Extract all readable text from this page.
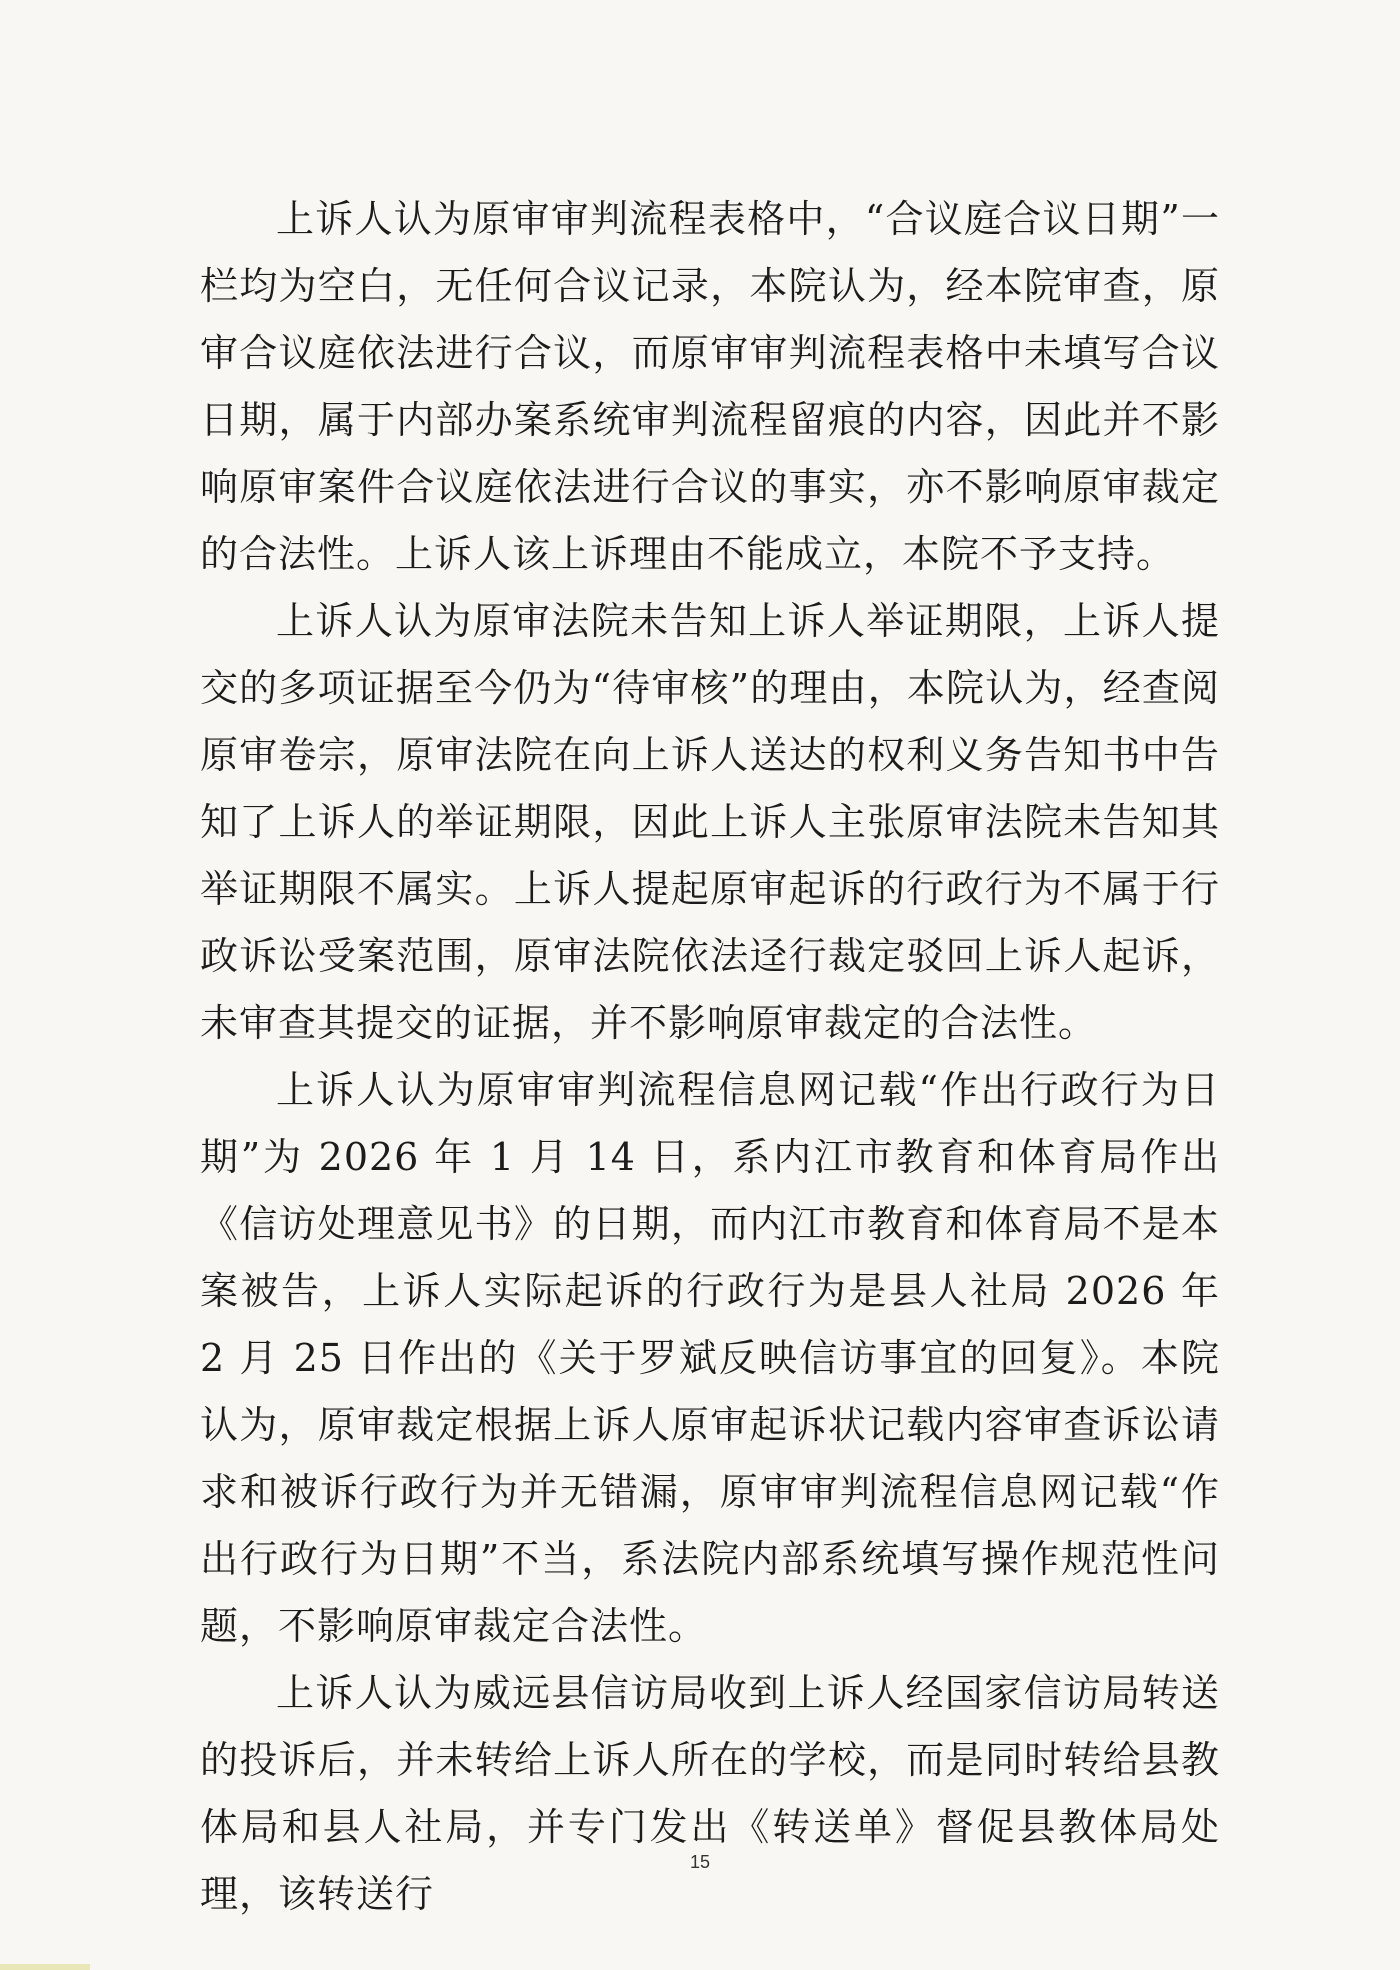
上诉人认为原审审判流程表格中，“合议庭合议日期”一栏均为空白，无任何合议记录，本院认为，经本院审查，原审合议庭依法进行合议，而原审审判流程表格中未填写合议日期，属于内部办案系统审判流程留痕的内容，因此并不影响原审案件合议庭依法进行合议的事实，亦不影响原审裁定的合法性。上诉人该上诉理由不能成立，本院不予支持。

上诉人认为原审法院未告知上诉人举证期限，上诉人提交的多项证据至今仍为“待审核”的理由，本院认为，经查阅原审卷宗，原审法院在向上诉人送达的权利义务告知书中告知了上诉人的举证期限，因此上诉人主张原审法院未告知其举证期限不属实。上诉人提起原审起诉的行政行为不属于行政诉讼受案范围，原审法院依法迳行裁定驳回上诉人起诉，未审查其提交的证据，并不影响原审裁定的合法性。

上诉人认为原审审判流程信息网记载“作出行政行为日期”为 2026 年 1 月 14 日，系内江市教育和体育局作出《信访处理意见书》的日期，而内江市教育和体育局不是本案被告，上诉人实际起诉的行政行为是县人社局 2026 年 2 月 25 日作出的《关于罗斌反映信访事宜的回复》。本院认为，原审裁定根据上诉人原审起诉状记载内容审查诉讼请求和被诉行政行为并无错漏，原审审判流程信息网记载“作出行政行为日期”不当，系法院内部系统填写操作规范性问题，不影响原审裁定合法性。

上诉人认为威远县信访局收到上诉人经国家信访局转送的投诉后，并未转给上诉人所在的学校，而是同时转给县教体局和县人社局，并专门发出《转送单》督促县教体局处理，该转送行

15
